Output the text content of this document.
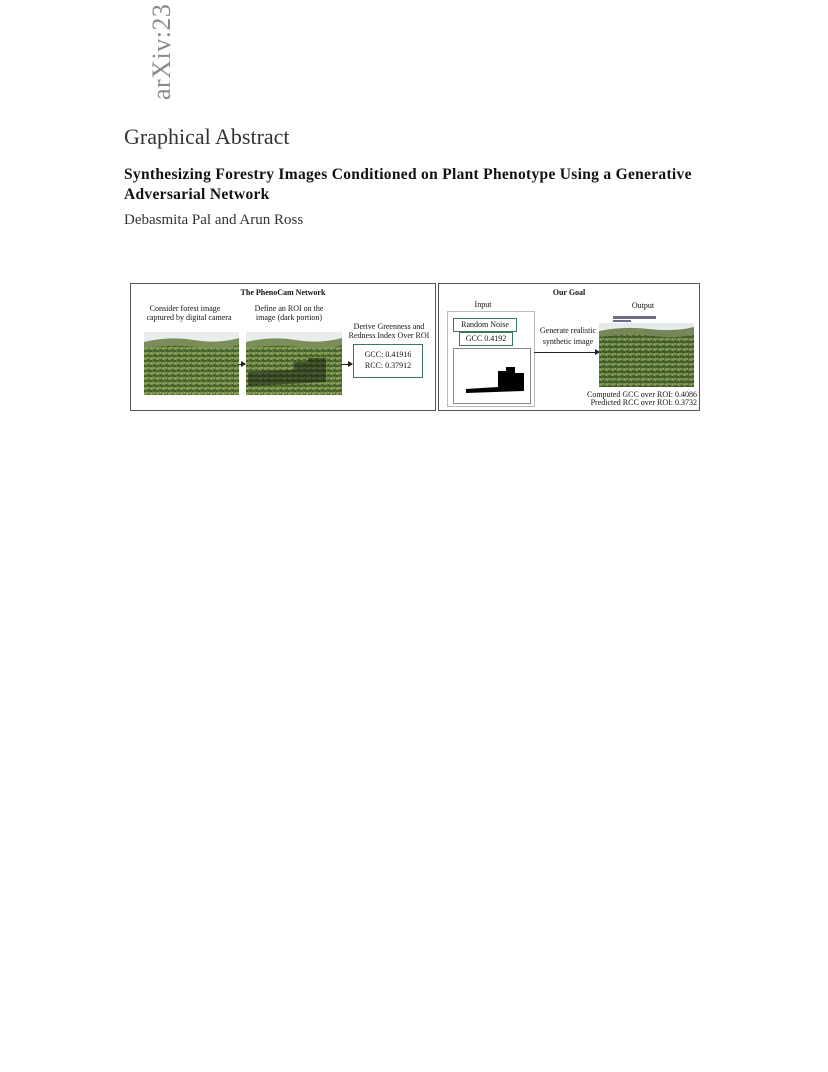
arXiv:23
Graphical Abstract
Synthesizing Forestry Images Conditioned on Plant Phenotype Using a Generative Adversarial Network
Debasmita Pal and Arun Ross
The PhenoCam Network
Consider forest image
captured by digital camera
Define an ROI on the
image (dark portion)
Derive Greenness and
Redness Index Over ROI
GCC: 0.41916
RCC: 0.37912
Our Goal
Input	Output
Random Noise
GCC 0.4192
Generate realistic
synthetic image
Computed GCC over ROI: 0.4086
Predicted RCC over ROI: 0.3732
